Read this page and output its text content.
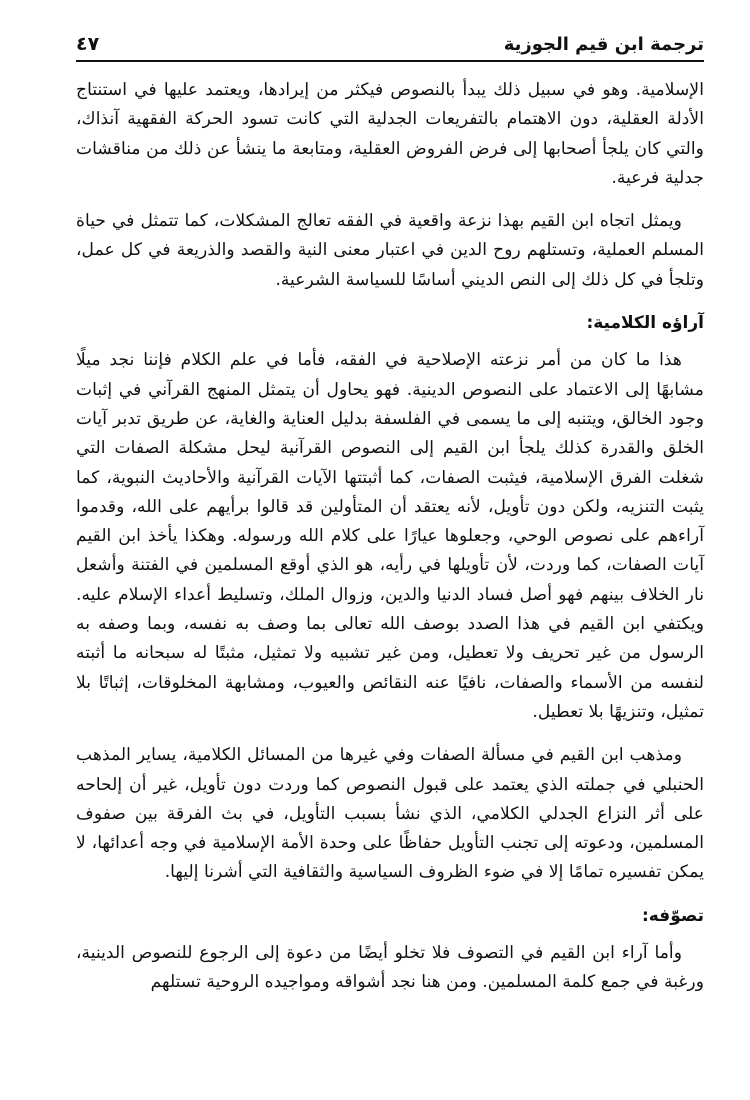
ترجمة ابن قيم الجوزية
٤٧

الإسلامية. وهو في سبيل ذلك يبدأ بالنصوص فيكثر من إيرادها، ويعتمد عليها في استنتاج الأدلة العقلية، دون الاهتمام بالتفريعات الجدلية التي كانت تسود الحركة الفقهية آنذاك، والتي كان يلجأ أصحابها إلى فرض الفروض العقلية، ومتابعة ما ينشأ عن ذلك من مناقشات جدلية فرعية.

ويمثل اتجاه ابن القيم بهذا نزعة واقعية في الفقه تعالج المشكلات، كما تتمثل في حياة المسلم العملية، وتستلهم روح الدين في اعتبار معنى النية والقصد والذريعة في كل عمل، وتلجأ في كل ذلك إلى النص الديني أساسًا للسياسة الشرعية.

آراؤه الكلامية:

هذا ما كان من أمر نزعته الإصلاحية في الفقه، فأما في علم الكلام فإننا نجد ميلًا مشابهًا إلى الاعتماد على النصوص الدينية. فهو يحاول أن يتمثل المنهج القرآني في إثبات وجود الخالق، ويتنبه إلى ما يسمى في الفلسفة بدليل العناية والغاية، عن طريق تدبر آيات الخلق والقدرة كذلك يلجأ ابن القيم إلى النصوص القرآنية ليحل مشكلة الصفات التي شغلت الفرق الإسلامية، فيثبت الصفات، كما أثبتتها الآيات القرآنية والأحاديث النبوية، كما يثبت التنزيه، ولكن دون تأويل، لأنه يعتقد أن المتأولين قد قالوا برأيهم على الله، وقدموا آراءهم على نصوص الوحي، وجعلوها عيارًا على كلام الله ورسوله. وهكذا يأخذ ابن القيم آيات الصفات، كما وردت، لأن تأويلها في رأيه، هو الذي أوقع المسلمين في الفتنة وأشعل نار الخلاف بينهم فهو أصل فساد الدنيا والدين، وزوال الملك، وتسليط أعداء الإسلام عليه. ويكتفي ابن القيم في هذا الصدد بوصف الله تعالى بما وصف به نفسه، وبما وصفه به الرسول من غير تحريف ولا تعطيل، ومن غير تشبيه ولا تمثيل، مثبتًا له سبحانه ما أثبته لنفسه من الأسماء والصفات، نافيًا عنه النقائص والعيوب، ومشابهة المخلوقات، إثباتًا بلا تمثيل، وتنزيهًا بلا تعطيل.

ومذهب ابن القيم في مسألة الصفات وفي غيرها من المسائل الكلامية، يساير المذهب الحنبلي في جملته الذي يعتمد على قبول النصوص كما وردت دون تأويل، غير أن إلحاحه على أثر النزاع الجدلي الكلامي، الذي نشأ بسبب التأويل، في بث الفرقة بين صفوف المسلمين، ودعوته إلى تجنب التأويل حفاظًا على وحدة الأمة الإسلامية في وجه أعدائها، لا يمكن تفسيره تمامًا إلا في ضوء الظروف السياسية والثقافية التي أشرنا إليها.

تصوّفه:

وأما آراء ابن القيم في التصوف فلا تخلو أيضًا من دعوة إلى الرجوع للنصوص الدينية، ورغبة في جمع كلمة المسلمين. ومن هنا نجد أشواقه ومواجيده الروحية تستلهم
